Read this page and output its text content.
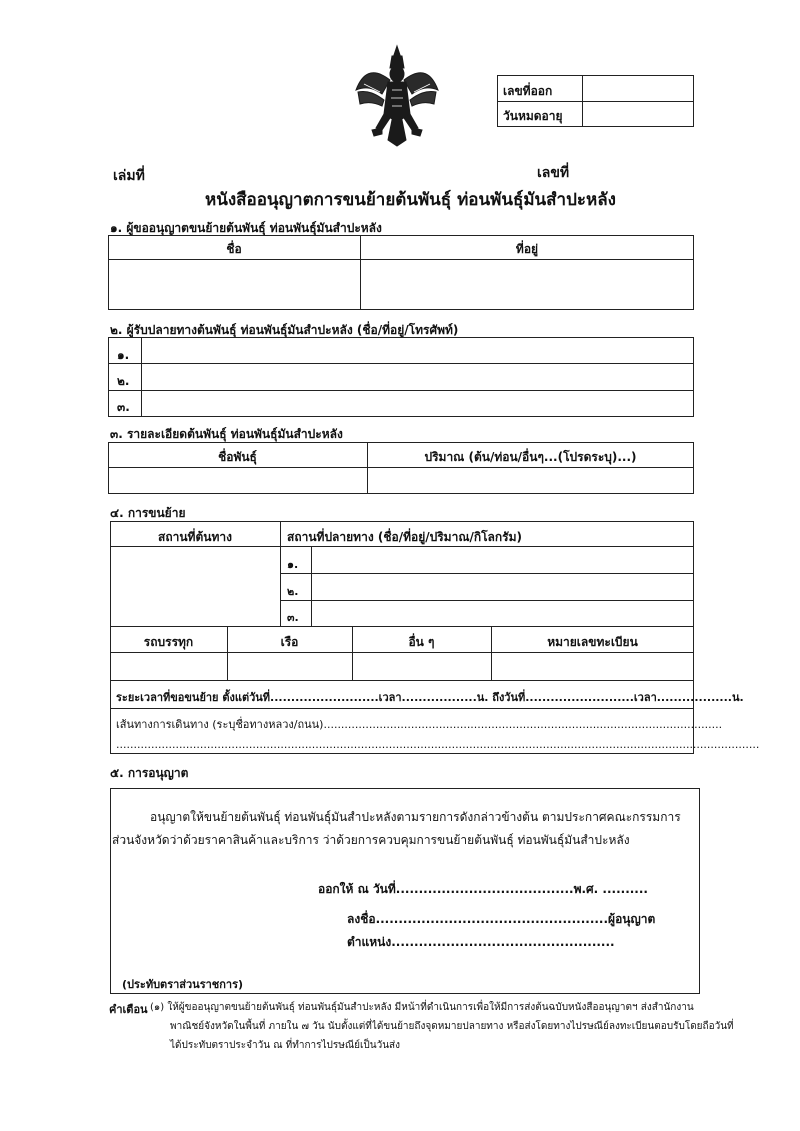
เลขที่ออก
วันหมดอายุ
เล่มที่	เลขที่
หนังสืออนุญาตการขนย้ายต้นพันธุ์ ท่อนพันธุ์มันสำปะหลัง
๑. ผู้ขออนุญาตขนย้ายต้นพันธุ์ ท่อนพันธุ์มันสำปะหลัง
ชื่อ	ที่อยู่
๒. ผู้รับปลายทางต้นพันธุ์ ท่อนพันธุ์มันสำปะหลัง (ชื่อ/ที่อยู่/โทรศัพท์)
๑.
๒.
๓.
๓. รายละเอียดต้นพันธุ์ ท่อนพันธุ์มันสำปะหลัง
ชื่อพันธุ์	ปริมาณ (ต้น/ท่อน/อื่นๆ...(โปรดระบุ)...)
๔. การขนย้าย
สถานที่ต้นทาง	สถานที่ปลายทาง (ชื่อ/ที่อยู่/ปริมาณ/กิโลกรัม)
๑.
๒.
๓.
รถบรรทุก	เรือ	อื่น ๆ	หมายเลขทะเบียน
ระยะเวลาที่ขอขนย้าย ตั้งแต่วันที่..........................เวลา..................น. ถึงวันที่..........................เวลา..................น.
เส้นทางการเดินทาง (ระบุชื่อทางหลวง/ถนน)..................................................................................................................
........................................................................................................................................................................................
๕. การอนุญาต
อนุญาตให้ขนย้ายต้นพันธุ์ ท่อนพันธุ์มันสำปะหลังตามรายการดังกล่าวข้างต้น ตามประกาศคณะกรรมการ
ส่วนจังหวัดว่าด้วยราคาสินค้าและบริการ ว่าด้วยการควบคุมการขนย้ายต้นพันธุ์ ท่อนพันธุ์มันสำปะหลัง
ออกให้ ณ วันที่.......................................พ.ศ. ..........
ลงชื่อ...................................................ผู้อนุญาต
ตำแหน่ง.................................................
(ประทับตราส่วนราชการ)
คำเตือน (๑) ให้ผู้ขออนุญาตขนย้ายต้นพันธุ์ ท่อนพันธุ์มันสำปะหลัง มีหน้าที่ดำเนินการเพื่อให้มีการส่งต้นฉบับหนังสืออนุญาตฯ ส่งสำนักงาน
พาณิชย์จังหวัดในพื้นที่ ภายใน ๗ วัน นับตั้งแต่ที่ได้ขนย้ายถึงจุดหมายปลายทาง หรือส่งโดยทางไปรษณีย์ลงทะเบียนตอบรับโดยถือวันที่
ได้ประทับตราประจำวัน ณ ที่ทำการไปรษณีย์เป็นวันส่ง
